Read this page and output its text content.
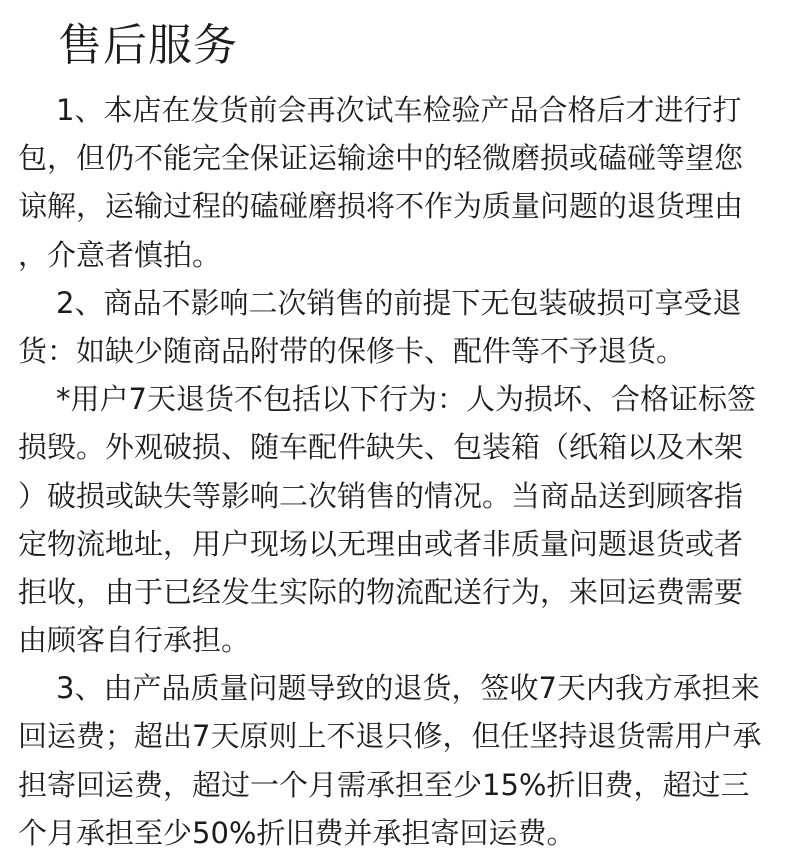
售后服务
1、本店在发货前会再次试车检验产品合格后才进行打
包，但仍不能完全保证运输途中的轻微磨损或磕碰等望您
谅解，运输过程的磕碰磨损将不作为质量问题的退货理由
，介意者慎拍。
2、商品不影响二次销售的前提下无包装破损可享受退
货：如缺少随商品附带的保修卡、配件等不予退货。
*用户7天退货不包括以下行为：人为损坏、合格证标签
损毁。外观破损、随车配件缺失、包装箱（纸箱以及木架
）破损或缺失等影响二次销售的情况。当商品送到顾客指
定物流地址，用户现场以无理由或者非质量问题退货或者
拒收，由于已经发生实际的物流配送行为，来回运费需要
由顾客自行承担。
3、由产品质量问题导致的退货，签收7天内我方承担来
回运费；超出7天原则上不退只修，但任坚持退货需用户承
担寄回运费，超过一个月需承担至少15%折旧费，超过三
个月承担至少50%折旧费并承担寄回运费。
